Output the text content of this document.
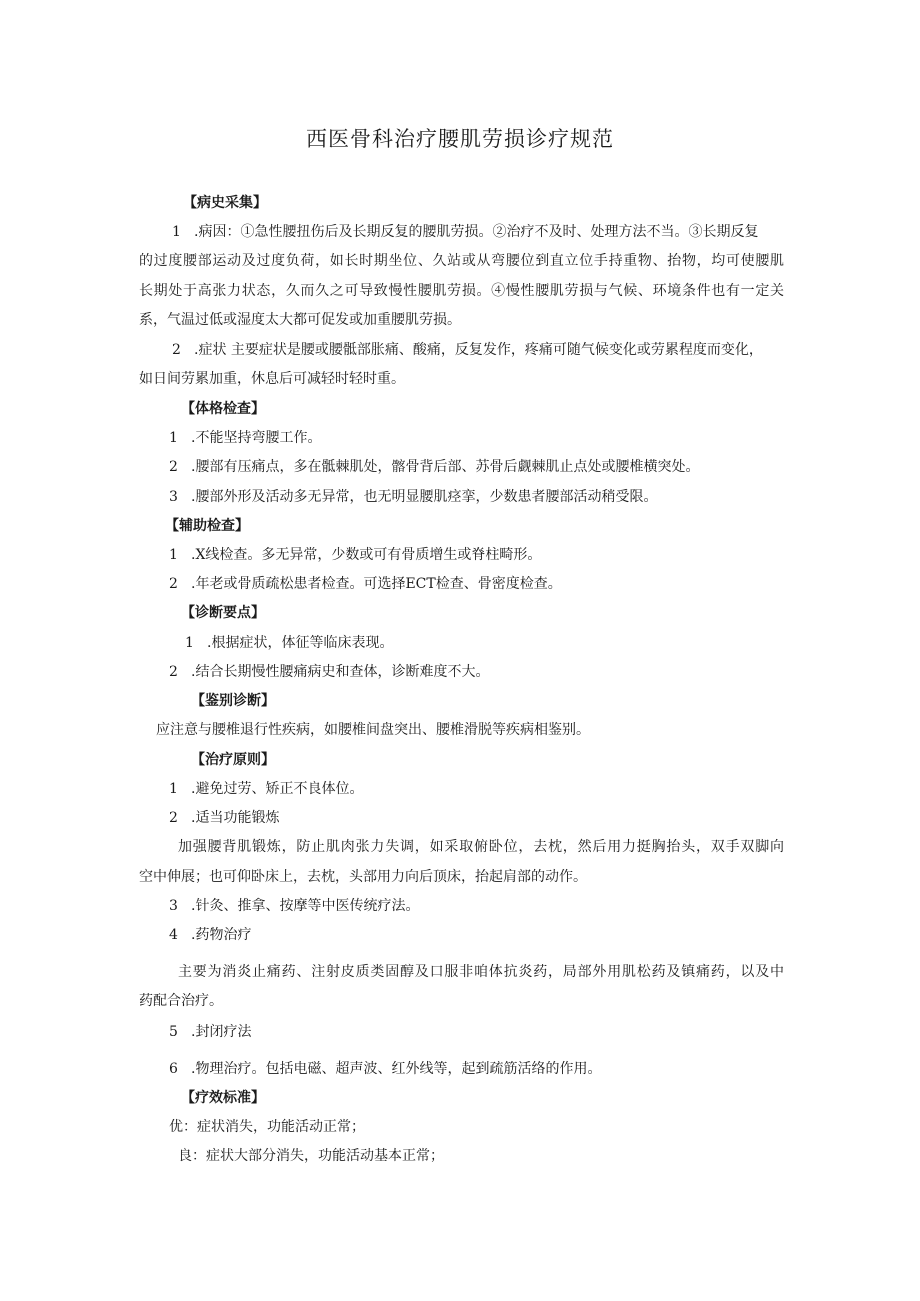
西医骨科治疗腰肌劳损诊疗规范

【病史采集】

1 .病因：①急性腰扭伤后及长期反复的腰肌劳损。②治疗不及时、处理方法不当。③长期反复

的过度腰部运动及过度负荷，如长时期坐位、久站或从弯腰位到直立位手持重物、抬物，均可使腰肌

长期处于高张力状态，久而久之可导致慢性腰肌劳损。④慢性腰肌劳损与气候、环境条件也有一定关

系，气温过低或湿度太大都可促发或加重腰肌劳损。

2 .症状 主要症状是腰或腰骶部胀痛、酸痛，反复发作，疼痛可随气候变化或劳累程度而变化，

如日间劳累加重，休息后可减轻时轻时重。

【体格检查】

1 .不能坚持弯腰工作。

2 .腰部有压痛点，多在骶棘肌处，髂骨背后部、苏骨后觑棘肌止点处或腰椎横突处。

3 .腰部外形及活动多无异常，也无明显腰肌痉挛，少数患者腰部活动稍受限。

【辅助检查】

1 .X线检查。多无异常，少数或可有骨质增生或脊柱畸形。

2 .年老或骨质疏松患者检查。可选择ECT检查、骨密度检查。

【诊断要点】

1 .根据症状，体征等临床表现。

2 .结合长期慢性腰痛病史和查体，诊断难度不大。

【鉴别诊断】

应注意与腰椎退行性疾病，如腰椎间盘突出、腰椎滑脱等疾病相鉴别。

【治疗原则】

1 .避免过劳、矫正不良体位。

2 .适当功能锻炼

加强腰背肌锻炼，防止肌肉张力失调，如采取俯卧位，去枕，然后用力挺胸抬头，双手双脚向

空中伸展；也可仰卧床上，去枕，头部用力向后顶床，抬起肩部的动作。

3 .针灸、推拿、按摩等中医传统疗法。

4 .药物治疗

主要为消炎止痛药、注射皮质类固醇及口服非咱体抗炎药，局部外用肌松药及镇痛药，以及中

药配合治疗。

5 .封闭疗法

6 .物理治疗。包括电磁、超声波、红外线等，起到疏筋活络的作用。

【疗效标准】

优：症状消失，功能活动正常；

良：症状大部分消失，功能活动基本正常；
